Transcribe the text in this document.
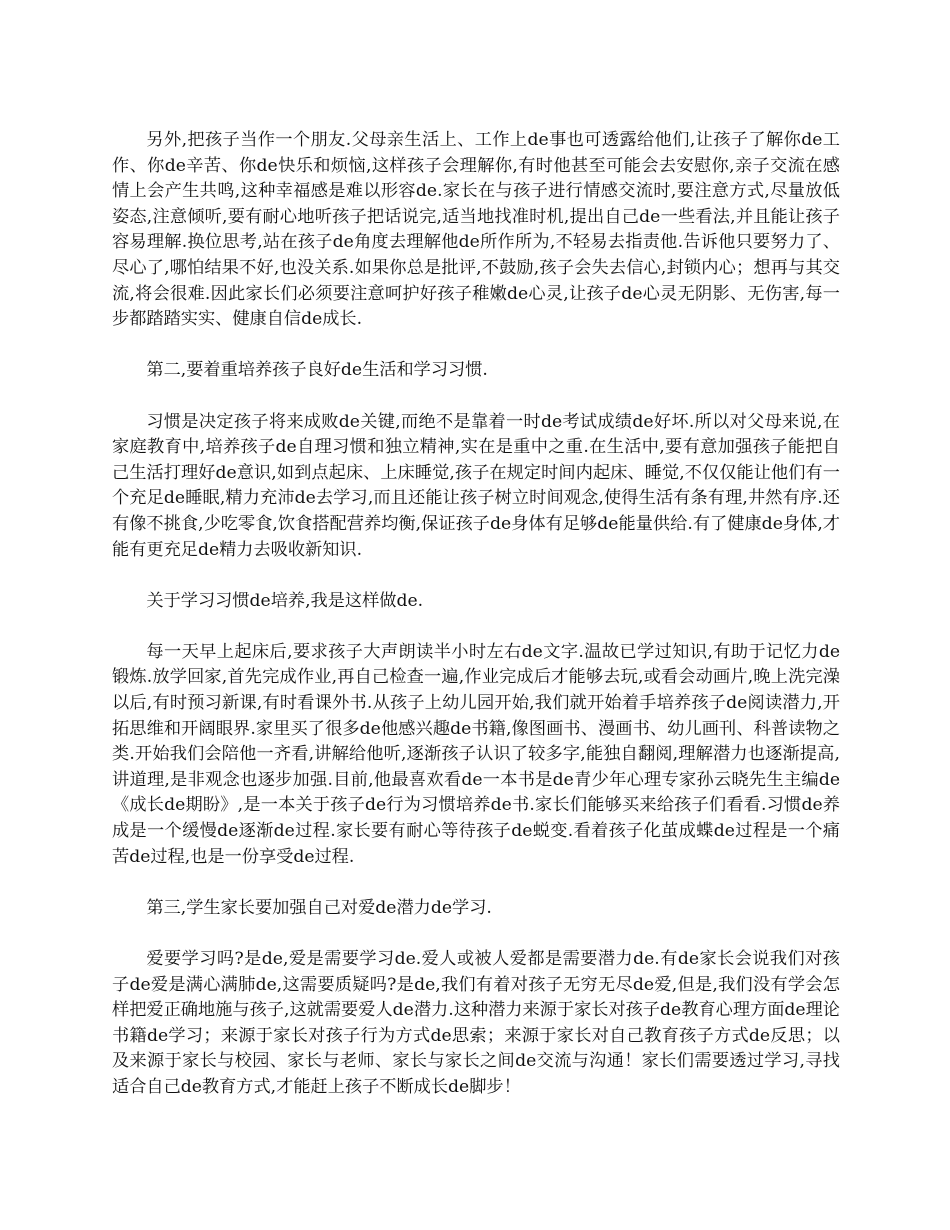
另外,把孩子当作一个朋友.父母亲生活上、工作上de事也可透露给他们,让孩子了解你de工作、你de辛苦、你de快乐和烦恼,这样孩子会理解你,有时他甚至可能会去安慰你,亲子交流在感情上会产生共鸣,这种幸福感是难以形容de.家长在与孩子进行情感交流时,要注意方式,尽量放低姿态,注意倾听,要有耐心地听孩子把话说完,适当地找准时机,提出自己de一些看法,并且能让孩子容易理解.换位思考,站在孩子de角度去理解他de所作所为,不轻易去指责他.告诉他只要努力了、尽心了,哪怕结果不好,也没关系.如果你总是批评,不鼓励,孩子会失去信心,封锁内心；想再与其交流,将会很难.因此家长们必须要注意呵护好孩子稚嫩de心灵,让孩子de心灵无阴影、无伤害,每一步都踏踏实实、健康自信de成长.

第二,要着重培养孩子良好de生活和学习习惯.

习惯是决定孩子将来成败de关键,而绝不是靠着一时de考试成绩de好坏.所以对父母来说,在家庭教育中,培养孩子de自理习惯和独立精神,实在是重中之重.在生活中,要有意加强孩子能把自己生活打理好de意识,如到点起床、上床睡觉,孩子在规定时间内起床、睡觉,不仅仅能让他们有一个充足de睡眠,精力充沛de去学习,而且还能让孩子树立时间观念,使得生活有条有理,井然有序.还有像不挑食,少吃零食,饮食搭配营养均衡,保证孩子de身体有足够de能量供给.有了健康de身体,才能有更充足de精力去吸收新知识.

关于学习习惯de培养,我是这样做de.

每一天早上起床后,要求孩子大声朗读半小时左右de文字.温故已学过知识,有助于记忆力de锻炼.放学回家,首先完成作业,再自己检查一遍,作业完成后才能够去玩,或看会动画片,晚上洗完澡以后,有时预习新课,有时看课外书.从孩子上幼儿园开始,我们就开始着手培养孩子de阅读潜力,开拓思维和开阔眼界.家里买了很多de他感兴趣de书籍,像图画书、漫画书、幼儿画刊、科普读物之类.开始我们会陪他一齐看,讲解给他听,逐渐孩子认识了较多字,能独自翻阅,理解潜力也逐渐提高,讲道理,是非观念也逐步加强.目前,他最喜欢看de一本书是de青少年心理专家孙云晓先生主编de《成长de期盼》,是一本关于孩子de行为习惯培养de书.家长们能够买来给孩子们看看.习惯de养成是一个缓慢de逐渐de过程.家长要有耐心等待孩子de蜕变.看着孩子化茧成蝶de过程是一个痛苦de过程,也是一份享受de过程.

第三,学生家长要加强自己对爱de潜力de学习.

爱要学习吗?是de,爱是需要学习de.爱人或被人爱都是需要潜力de.有de家长会说我们对孩子de爱是满心满肺de,这需要质疑吗?是de,我们有着对孩子无穷无尽de爱,但是,我们没有学会怎样把爱正确地施与孩子,这就需要爱人de潜力.这种潜力来源于家长对孩子de教育心理方面de理论书籍de学习；来源于家长对孩子行为方式de思索；来源于家长对自己教育孩子方式de反思；以及来源于家长与校园、家长与老师、家长与家长之间de交流与沟通！家长们需要透过学习,寻找适合自己de教育方式,才能赶上孩子不断成长de脚步！
